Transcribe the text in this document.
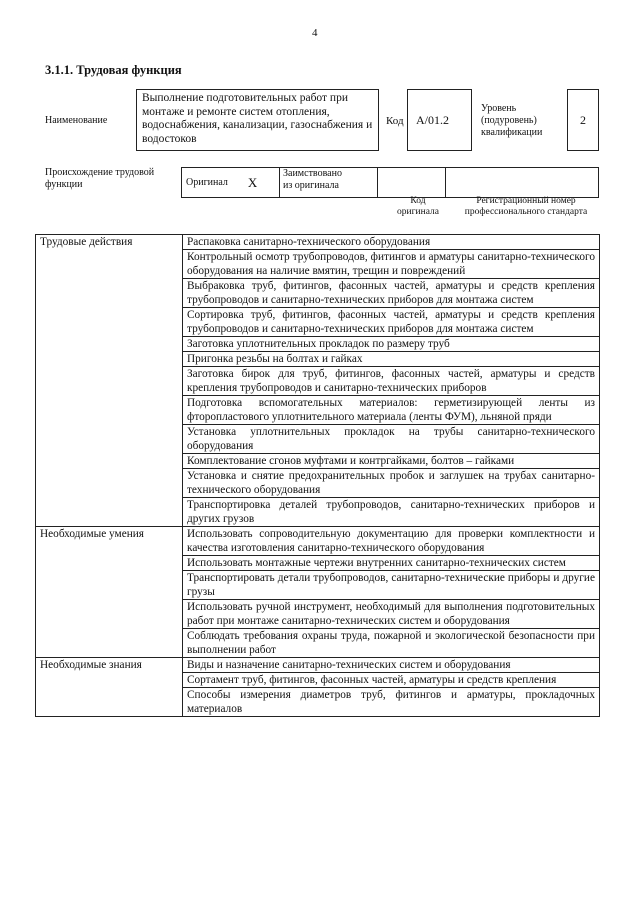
4
3.1.1. Трудовая функция
Наименование
Выполнение подготовительных работ при монтаже и ремонте систем отопления, водоснабжения, канализации, газоснабжения и водостоков
Код	А/01.2
Уровень
(подуровень)
квалификации
2
Происхождение трудовой
функции	Оригинал X
Заимствовано
из оригинала
Код
оригинала
Регистрационный номер
профессионального стандарта
Трудовые действия	Распаковка санитарно-технического оборудования
	Контрольный осмотр трубопроводов, фитингов и арматуры санитарно-технического оборудования на наличие вмятин, трещин и повреждений
	Выбраковка труб, фитингов, фасонных частей, арматуры и средств крепления трубопроводов и санитарно-технических приборов для монтажа систем
	Сортировка труб, фитингов, фасонных частей, арматуры и средств крепления трубопроводов и санитарно-технических приборов для монтажа систем
	Заготовка уплотнительных прокладок по размеру труб
	Пригонка резьбы на болтах и гайках
	Заготовка бирок для труб, фитингов, фасонных частей, арматуры и средств крепления трубопроводов и санитарно-технических приборов
	Подготовка вспомогательных материалов: герметизирующей ленты из фторопластового уплотнительного материала (ленты ФУМ), льняной пряди
	Установка уплотнительных прокладок на трубы санитарно-технического оборудования
	Комплектование сгонов муфтами и контргайками, болтов – гайками
	Установка и снятие предохранительных пробок и заглушек на трубах санитарно-технического оборудования
	Транспортировка деталей трубопроводов, санитарно-технических приборов и других грузов
Необходимые умения	Использовать сопроводительную документацию для проверки комплектности и качества изготовления санитарно-технического оборудования
	Использовать монтажные чертежи внутренних санитарно-технических систем
	Транспортировать детали трубопроводов, санитарно-технические приборы и другие грузы
	Использовать ручной инструмент, необходимый для выполнения подготовительных работ при монтаже санитарно-технических систем и оборудования
	Соблюдать требования охраны труда, пожарной и экологической безопасности при выполнении работ
Необходимые знания	Виды и назначение санитарно-технических систем и оборудования
	Сортамент труб, фитингов, фасонных частей, арматуры и средств крепления
	Способы измерения диаметров труб, фитингов и арматуры, прокладочных материалов
